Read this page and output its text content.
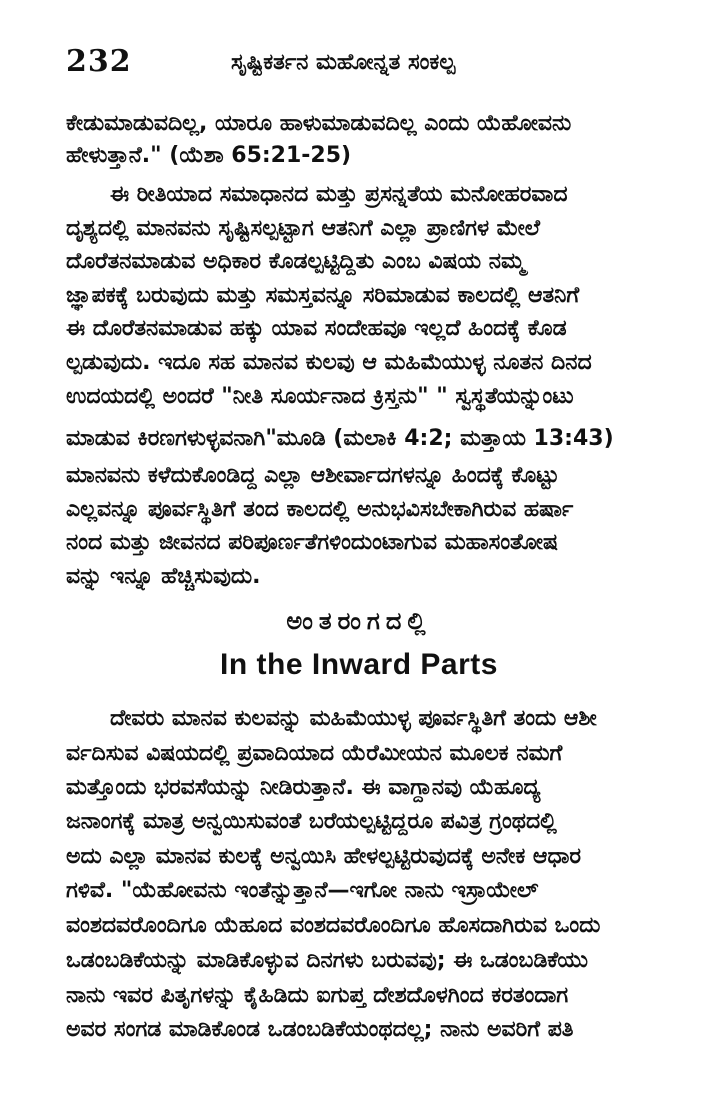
232	ಸೃಷ್ಟಿಕರ್ತನ ಮಹೋನ್ನತ ಸಂಕಲ್ಪ
ಕೇಡುಮಾಡುವದಿಲ್ಲ, ಯಾರೂ ಹಾಳುಮಾಡುವದಿಲ್ಲ ಎಂದು ಯೆಹೋವನು
ಹೇಳುತ್ತಾನೆ." (ಯೆಶಾ 65:21-25)
ಈ ರೀತಿಯಾದ ಸಮಾಧಾನದ ಮತ್ತು ಪ್ರಸನ್ನತೆಯ ಮನೋಹರವಾದ
ದೃಶ್ಯದಲ್ಲಿ ಮಾನವನು ಸೃಷ್ಟಿಸಲ್ಪಟ್ಟಾಗ ಆತನಿಗೆ ಎಲ್ಲಾ ಪ್ರಾಣಿಗಳ ಮೇಲೆ
ದೊರೆತನಮಾಡುವ ಅಧಿಕಾರ ಕೊಡಲ್ಪಟ್ಟಿದ್ದಿತು ಎಂಬ ವಿಷಯ ನಮ್ಮ
ಜ್ಞಾಪಕಕ್ಕೆ ಬರುವುದು ಮತ್ತು ಸಮಸ್ತವನ್ನೂ ಸರಿಮಾಡುವ ಕಾಲದಲ್ಲಿ ಆತನಿಗೆ
ಈ ದೊರೆತನಮಾಡುವ ಹಕ್ಕು ಯಾವ ಸಂದೇಹವೂ ಇಲ್ಲದೆ ಹಿಂದಕ್ಕೆ ಕೊಡ
ಲ್ಪಡುವುದು. ಇದೂ ಸಹ ಮಾನವ ಕುಲವು ಆ ಮಹಿಮೆಯುಳ್ಳ ನೂತನ ದಿನದ
ಉದಯದಲ್ಲಿ ಅಂದರೆ "ನೀತಿ ಸೂರ್ಯನಾದ ಕ್ರಿಸ್ತನು" " ಸ್ವಸ್ಥತೆಯನ್ನುಂಟು
ಮಾಡುವ ಕಿರಣಗಳುಳ್ಳವನಾಗಿ"ಮೂಡಿ (ಮಲಾಕಿ 4:2; ಮತ್ತಾಯ 13:43)
ಮಾನವನು ಕಳೆದುಕೊಂಡಿದ್ದ ಎಲ್ಲಾ ಆಶೀರ್ವಾದಗಳನ್ನೂ ಹಿಂದಕ್ಕೆ ಕೊಟ್ಟು
ಎಲ್ಲವನ್ನೂ ಪೂರ್ವಸ್ಥಿತಿಗೆ ತಂದ ಕಾಲದಲ್ಲಿ ಅನುಭವಿಸಬೇಕಾಗಿರುವ ಹರ್ಷಾ
ನಂದ ಮತ್ತು ಜೀವನದ ಪರಿಪೂರ್ಣತೆಗಳಿಂದುಂಟಾಗುವ ಮಹಾಸಂತೋಷ
ವನ್ನು ಇನ್ನೂ ಹೆಚ್ಚಿಸುವುದು.
ಅಂತರಂಗದಲ್ಲಿ
In the Inward Parts
ದೇವರು ಮಾನವ ಕುಲವನ್ನು ಮಹಿಮೆಯುಳ್ಳ ಪೂರ್ವಸ್ಥಿತಿಗೆ ತಂದು ಆಶೀ
ರ್ವದಿಸುವ ವಿಷಯದಲ್ಲಿ ಪ್ರವಾದಿಯಾದ ಯೆರೆಮೀಯನ ಮೂಲಕ ನಮಗೆ
ಮತ್ತೊಂದು ಭರವಸೆಯನ್ನು ನೀಡಿರುತ್ತಾನೆ. ಈ ವಾಗ್ದಾನವು ಯೆಹೂದ್ಯ
ಜನಾಂಗಕ್ಕೆ ಮಾತ್ರ ಅನ್ವಯಿಸುವಂತೆ ಬರೆಯಲ್ಪಟ್ಟಿದ್ದರೂ ಪವಿತ್ರ ಗ್ರಂಥದಲ್ಲಿ
ಅದು ಎಲ್ಲಾ ಮಾನವ ಕುಲಕ್ಕೆ ಅನ್ವಯಿಸಿ ಹೇಳಲ್ಪಟ್ಟಿರುವುದಕ್ಕೆ ಅನೇಕ ಆಧಾರ
ಗಳಿವೆ. "ಯೆಹೋವನು ಇಂತೆನ್ನುತ್ತಾನೆ—ಇಗೋ ನಾನು ಇಸ್ರಾಯೇಲ್
ವಂಶದವರೊಂದಿಗೂ ಯೆಹೂದ ವಂಶದವರೊಂದಿಗೂ ಹೊಸದಾಗಿರುವ ಒಂದು
ಒಡಂಬಡಿಕೆಯನ್ನು ಮಾಡಿಕೊಳ್ಳುವ ದಿನಗಳು ಬರುವವು; ಈ ಒಡಂಬಡಿಕೆಯು
ನಾನು ಇವರ ಪಿತೃಗಳನ್ನು ಕೈಹಿಡಿದು ಐಗುಪ್ತ ದೇಶದೊಳಗಿಂದ ಕರತಂದಾಗ
ಅವರ ಸಂಗಡ ಮಾಡಿಕೊಂಡ ಒಡಂಬಡಿಕೆಯಂಥದಲ್ಲ; ನಾನು ಅವರಿಗೆ ಪತಿ
